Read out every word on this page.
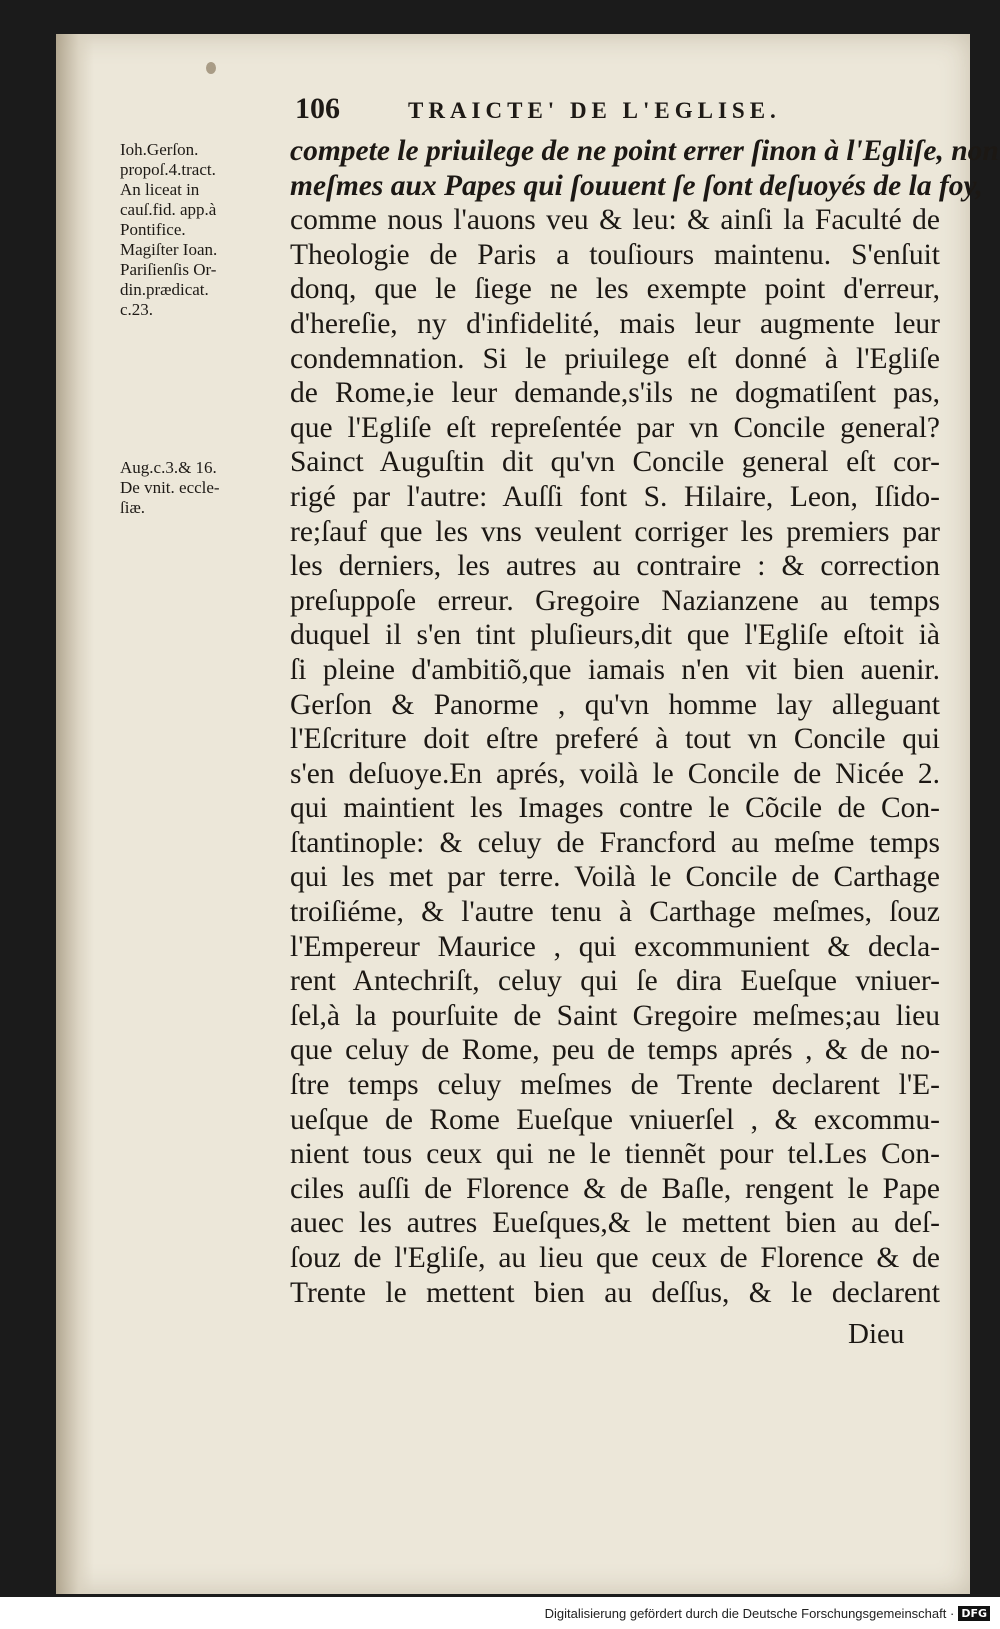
106	TRAICTE' DE L'EGLISE.
Ioh.Gerſon.
propoſ.4.tract.
An liceat in
cauſ.fid. app.à
Pontifice.
Magiſter Ioan.
Pariſienſis Or-
din.prædicat.
c.23.
Aug.c.3.& 16.
De vnit. eccle-
ſiæ.
compete le priuilege de ne point errer ſinon à l'Egliſe, non
meſmes aux Papes qui ſouuent ſe ſont deſuoyés de la foy,
comme nous l'auons veu & leu: & ainſi la Faculté de
Theologie de Paris a touſiours maintenu. S'enſuit
donq, que le ſiege ne les exempte point d'erreur,
d'hereſie, ny d'infidelité, mais leur augmente leur
condemnation. Si le priuilege eſt donné à l'Egliſe
de Rome,ie leur demande,s'ils ne dogmatiſent pas,
que l'Egliſe eſt repreſentée par vn Concile general?
Sainct Auguſtin dit qu'vn Concile general eſt cor-
rigé par l'autre: Auſſi font S. Hilaire, Leon, Iſido-
re;ſauf que les vns veulent corriger les premiers par
les derniers, les autres au contraire : & correction
preſuppoſe erreur. Gregoire Nazianzene au temps
duquel il s'en tint pluſieurs,dit que l'Egliſe eſtoit ià
ſi pleine d'ambitiõ,que iamais n'en vit bien auenir.
Gerſon & Panorme , qu'vn homme lay alleguant
l'Eſcriture doit eſtre preferé à tout vn Concile qui
s'en deſuoye.En aprés, voilà le Concile de Nicée 2.
qui maintient les Images contre le Cõcile de Con-
ſtantinople: & celuy de Francford au meſme temps
qui les met par terre. Voilà le Concile de Carthage
troiſiéme, & l'autre tenu à Carthage meſmes, ſouz
l'Empereur Maurice , qui excommunient & decla-
rent Antechriſt, celuy qui ſe dira Eueſque vniuer-
ſel,à la pourſuite de Saint Gregoire meſmes;au lieu
que celuy de Rome, peu de temps aprés , & de no-
ſtre temps celuy meſmes de Trente declarent l'E-
ueſque de Rome Eueſque vniuerſel , & excommu-
nient tous ceux qui ne le tiennẽt pour tel.Les Con-
ciles auſſi de Florence & de Baſle, rengent le Pape
auec les autres Eueſques,& le mettent bien au deſ-
ſouz de l'Egliſe, au lieu que ceux de Florence & de
Trente le mettent bien au deſſus, & le declarent
Dieu
Digitalisierung gefördert durch die Deutsche Forschungsgemeinschaft · DFG
